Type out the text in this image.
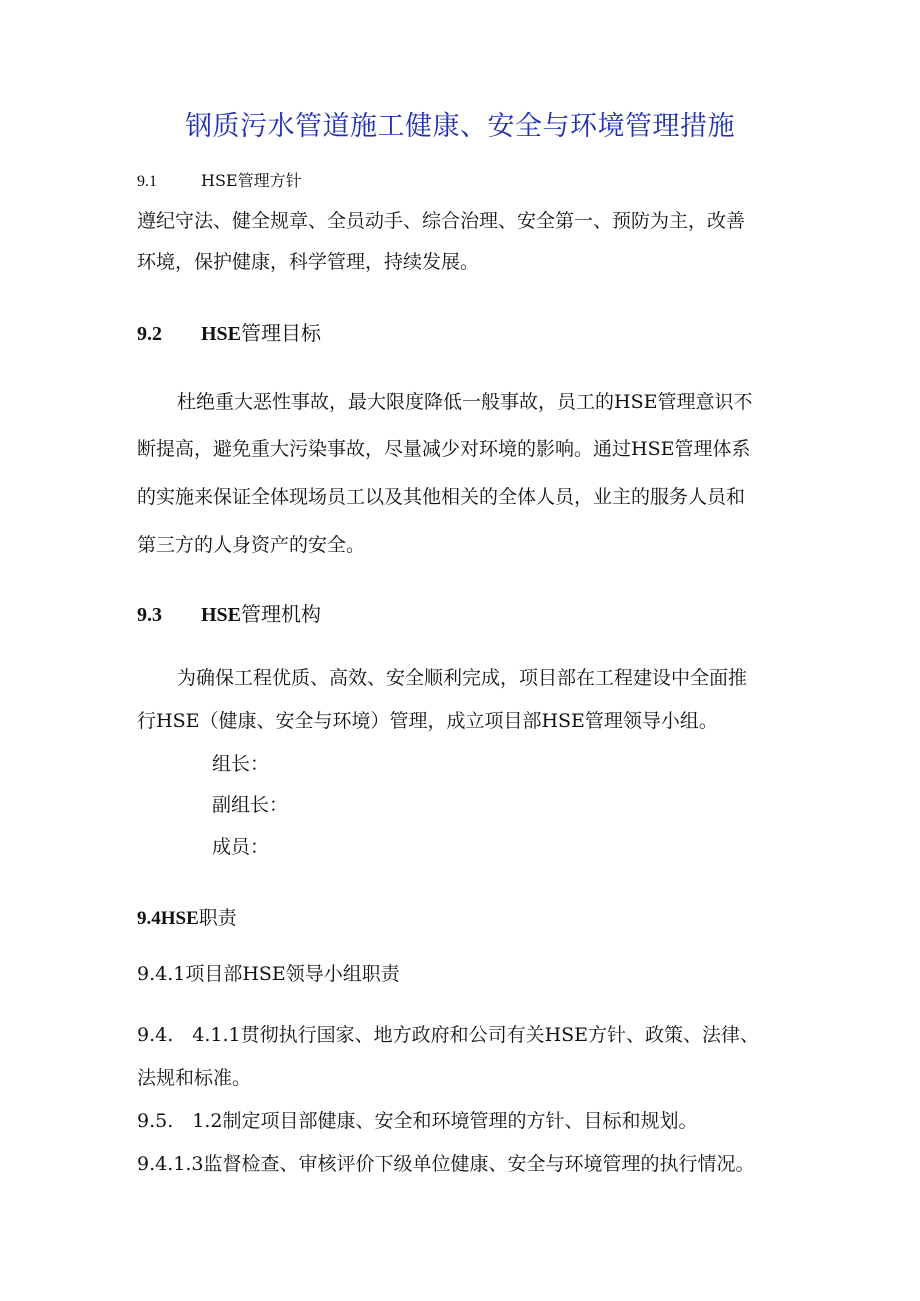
钢质污水管道施工健康、安全与环境管理措施
9.1	HSE管理方针
遵纪守法、健全规章、全员动手、综合治理、安全第一、预防为主，改善
环境，保护健康，科学管理，持续发展。
9.2 HSE管理目标
杜绝重大恶性事故，最大限度降低一般事故，员工的HSE管理意识不
断提高，避免重大污染事故，尽量减少对环境的影响。通过HSE管理体系
的实施来保证全体现场员工以及其他相关的全体人员，业主的服务人员和
第三方的人身资产的安全。
9.3 HSE管理机构
为确保工程优质、高效、安全顺利完成，项目部在工程建设中全面推
行HSE（健康、安全与环境）管理，成立项目部HSE管理领导小组。
组长：
副组长：
成员：
9.4HSE职责
9.4.1项目部HSE领导小组职责
9.4.　4.1.1贯彻执行国家、地方政府和公司有关HSE方针、政策、法律、
法规和标准。
9.5.　1.2制定项目部健康、安全和环境管理的方针、目标和规划。
9.4.1.3监督检查、审核评价下级单位健康、安全与环境管理的执行情况。
